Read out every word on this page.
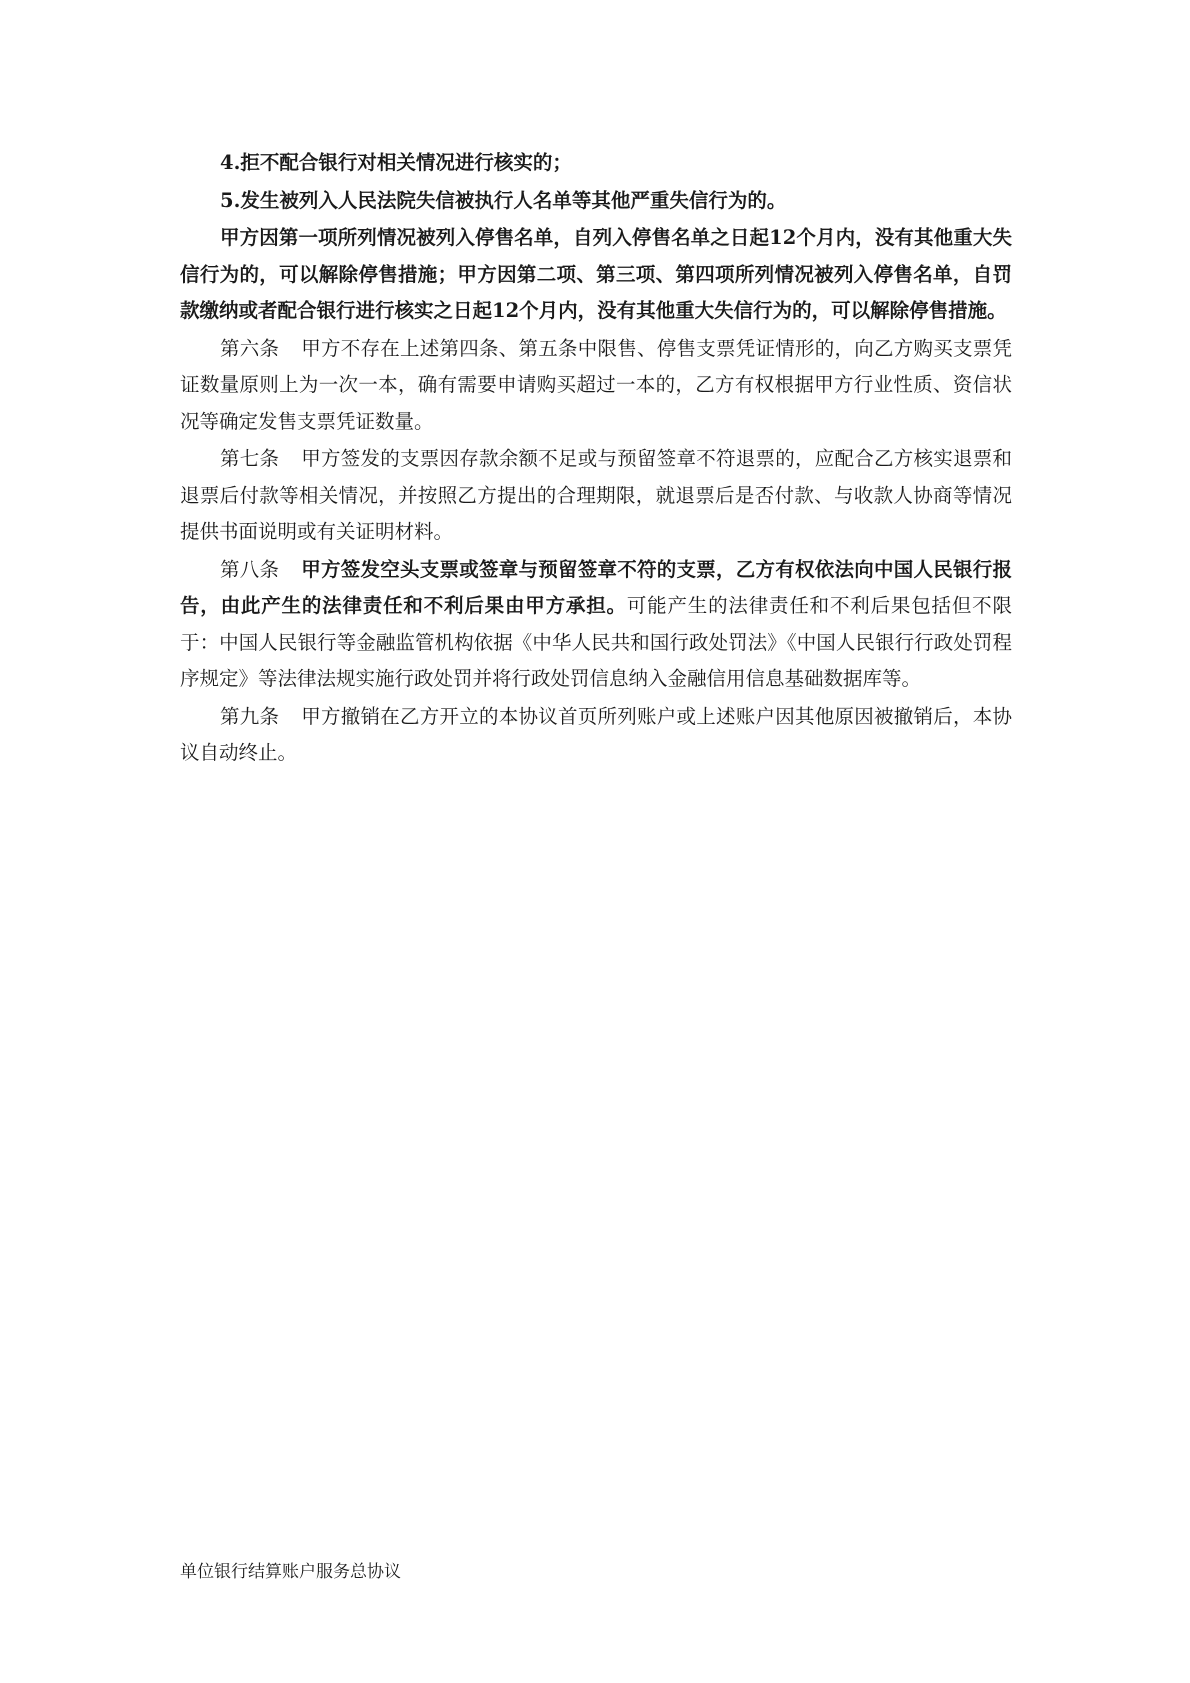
4.拒不配合银行对相关情况进行核实的；

5.发生被列入人民法院失信被执行人名单等其他严重失信行为的。

甲方因第一项所列情况被列入停售名单，自列入停售名单之日起12个月内，没有其他重大失信行为的，可以解除停售措施；甲方因第二项、第三项、第四项所列情况被列入停售名单，自罚款缴纳或者配合银行进行核实之日起12个月内，没有其他重大失信行为的，可以解除停售措施。

第六条 甲方不存在上述第四条、第五条中限售、停售支票凭证情形的，向乙方购买支票凭证数量原则上为一次一本，确有需要申请购买超过一本的，乙方有权根据甲方行业性质、资信状况等确定发售支票凭证数量。

第七条 甲方签发的支票因存款余额不足或与预留签章不符退票的，应配合乙方核实退票和退票后付款等相关情况，并按照乙方提出的合理期限，就退票后是否付款、与收款人协商等情况提供书面说明或有关证明材料。

第八条 甲方签发空头支票或签章与预留签章不符的支票，乙方有权依法向中国人民银行报告，由此产生的法律责任和不利后果由甲方承担。可能产生的法律责任和不利后果包括但不限于：中国人民银行等金融监管机构依据《中华人民共和国行政处罚法》《中国人民银行行政处罚程序规定》等法律法规实施行政处罚并将行政处罚信息纳入金融信用信息基础数据库等。

第九条 甲方撤销在乙方开立的本协议首页所列账户或上述账户因其他原因被撤销后，本协议自动终止。

单位银行结算账户服务总协议
